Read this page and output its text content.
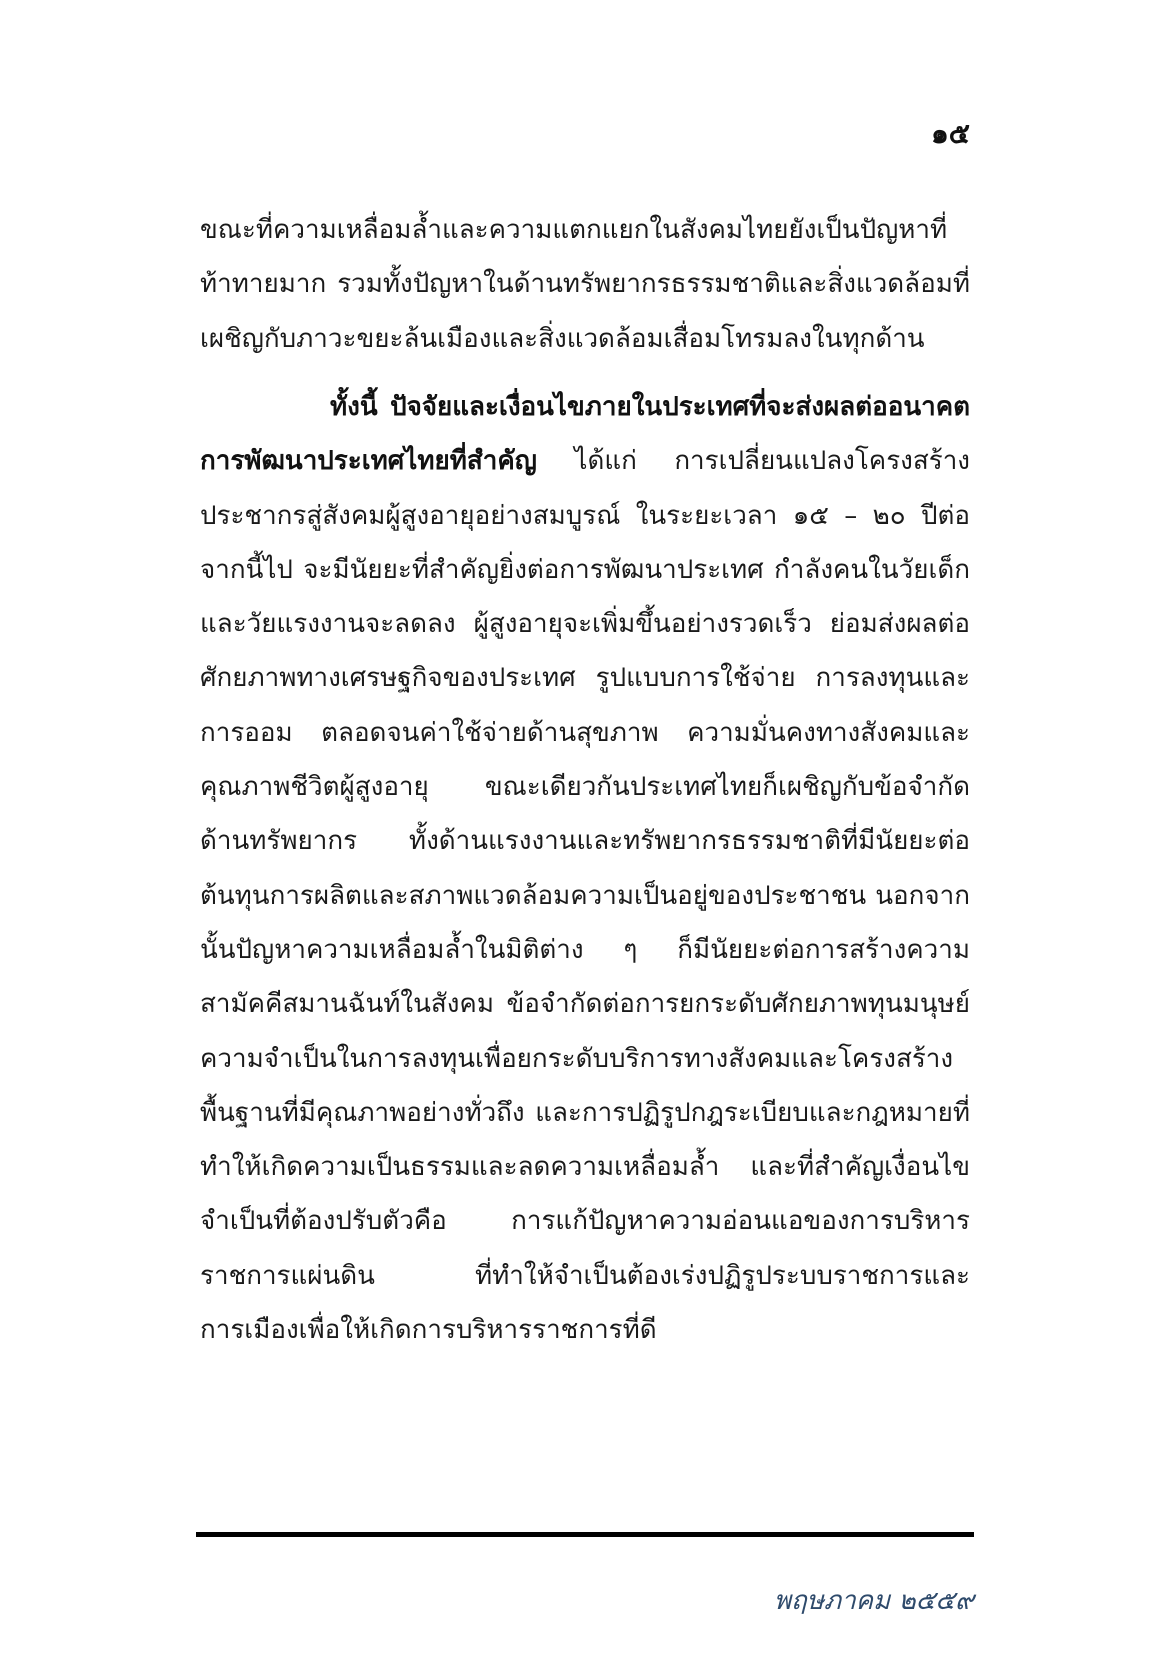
๑๕

ขณะที่ความเหลื่อมล้ำและความแตกแยกในสังคมไทยยังเป็นปัญหาที่ท้าทายมาก รวมทั้งปัญหาในด้านทรัพยากรธรรมชาติและสิ่งแวดล้อมที่เผชิญกับภาวะขยะล้นเมืองและสิ่งแวดล้อมเสื่อมโทรมลงในทุกด้าน

ทั้งนี้ ปัจจัยและเงื่อนไขภายในประเทศที่จะส่งผลต่ออนาคตการพัฒนาประเทศไทยที่สำคัญ ได้แก่ การเปลี่ยนแปลงโครงสร้างประชากรสู่สังคมผู้สูงอายุอย่างสมบูรณ์ ในระยะเวลา ๑๕ – ๒๐ ปีต่อจากนี้ไป จะมีนัยยะที่สำคัญยิ่งต่อการพัฒนาประเทศ กำลังคนในวัยเด็กและวัยแรงงานจะลดลง ผู้สูงอายุจะเพิ่มขึ้นอย่างรวดเร็ว ย่อมส่งผลต่อศักยภาพทางเศรษฐกิจของประเทศ รูปแบบการใช้จ่าย การลงทุนและการออม ตลอดจนค่าใช้จ่ายด้านสุขภาพ ความมั่นคงทางสังคมและคุณภาพชีวิตผู้สูงอายุ ขณะเดียวกันประเทศไทยก็เผชิญกับข้อจำกัดด้านทรัพยากร ทั้งด้านแรงงานและทรัพยากรธรรมชาติที่มีนัยยะต่อต้นทุนการผลิตและสภาพแวดล้อมความเป็นอยู่ของประชาชน นอกจากนั้นปัญหาความเหลื่อมล้ำในมิติต่าง ๆ ก็มีนัยยะต่อการสร้างความสามัคคีสมานฉันท์ในสังคม ข้อจำกัดต่อการยกระดับศักยภาพทุนมนุษย์ ความจำเป็นในการลงทุนเพื่อยกระดับบริการทางสังคมและโครงสร้างพื้นฐานที่มีคุณภาพอย่างทั่วถึง และการปฏิรูปกฎระเบียบและกฎหมายที่ทำให้เกิดความเป็นธรรมและลดความเหลื่อมล้ำ และที่สำคัญเงื่อนไขจำเป็นที่ต้องปรับตัวคือ การแก้ปัญหาความอ่อนแอของการบริหารราชการแผ่นดิน ที่ทำให้จำเป็นต้องเร่งปฏิรูประบบราชการและการเมืองเพื่อให้เกิดการบริหารราชการที่ดี

พฤษภาคม ๒๕๕๙
